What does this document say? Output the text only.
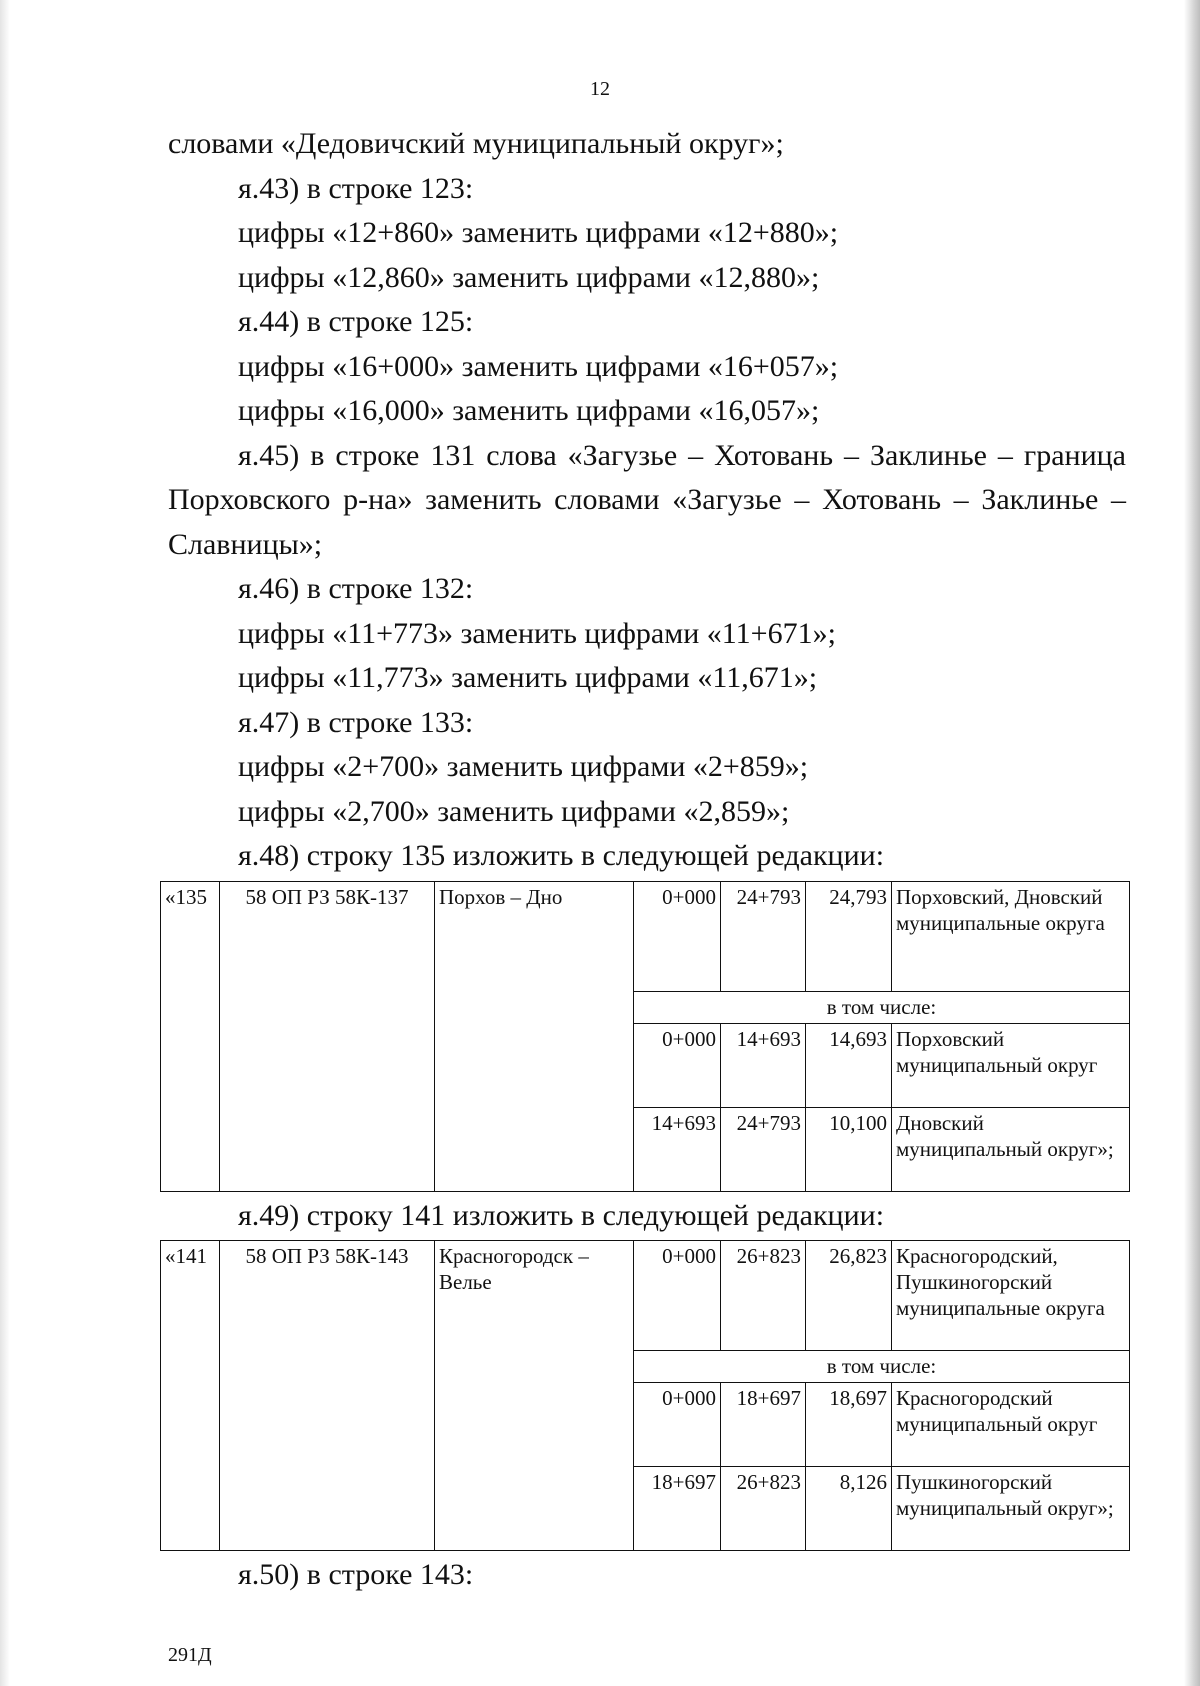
12

словами «Дедовичский муниципальный округ»;

я.43) в строке 123:

цифры «12+860» заменить цифрами «12+880»;

цифры «12,860» заменить цифрами «12,880»;

я.44) в строке 125:

цифры «16+000» заменить цифрами «16+057»;

цифры «16,000» заменить цифрами «16,057»;

я.45) в строке 131 слова «Загузье – Хотовань – Заклинье – граница

Порховского р-на» заменить словами «Загузье – Хотовань – Заклинье –

Славницы»;

я.46) в строке 132:

цифры «11+773» заменить цифрами «11+671»;

цифры «11,773» заменить цифрами «11,671»;

я.47) в строке 133:

цифры «2+700» заменить цифрами «2+859»;

цифры «2,700» заменить цифрами «2,859»;

я.48) строку 135 изложить в следующей редакции:

«135	58 ОП РЗ 58К-137	Порхов – Дно	0+000	24+793	24,793	Порховский, Дновский муниципальные округа
			в том числе:			
			0+000	14+693	14,693	Порховский муниципальный округ
			14+693	24+793	10,100	Дновский муниципальный округ»;

я.49) строку 141 изложить в следующей редакции:

«141	58 ОП РЗ 58К-143	Красногородск – Велье	0+000	26+823	26,823	Красногородский, Пушкиногорский муниципальные округа
			в том числе:			
			0+000	18+697	18,697	Красногородский муниципальный округ
			18+697	26+823	8,126	Пушкиногорский муниципальный округ»;

я.50) в строке 143:

291Д
